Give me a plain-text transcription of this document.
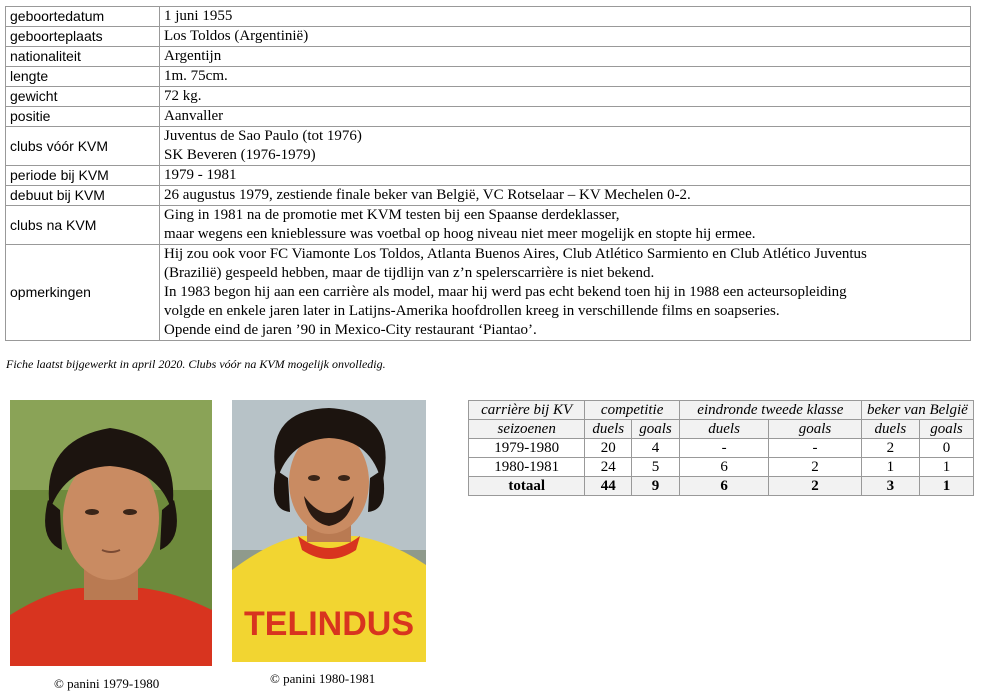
geboortedatum	1 juni 1955

geboorteplaats	Los Toldos (Argentinië)

nationaliteit	Argentijn

lengte	1m. 75cm.

gewicht	72 kg.

positie	Aanvaller

clubs vóór KVM	Juventus de Sao Paulo (tot 1976)
SK Beveren (1976-1979)

periode bij KVM	1979 - 1981

debuut bij KVM	26 augustus 1979, zestiende finale beker van België, VC Rotselaar – KV Mechelen 0-2.

clubs na KVM	Ging in 1981 na de promotie met KVM testen bij een Spaanse derdeklasser,
maar wegens een knieblessure was voetbal op hoog niveau niet meer mogelijk en stopte hij ermee.

opmerkingen	Hij zou ook voor FC Viamonte Los Toldos, Atlanta Buenos Aires, Club Atlético Sarmiento en Club Atlético Juventus
(Brazilië) gespeeld hebben, maar de tijdlijn van z’n spelerscarrière is niet bekend.
In 1983 begon hij aan een carrière als model, maar hij werd pas echt bekend toen hij in 1988 een acteursopleiding
volgde en enkele jaren later in Latijns-Amerika hoofdrollen kreeg in verschillende films en soapseries.
Opende eind de jaren ’90 in Mexico-City restaurant ‘Piantao’.
Fiche laatst bijgewerkt in april 2020. Clubs vóór na KVM mogelijk onvolledig.
TELINDUS
© panini 1979-1980	© panini 1980-1981
carrière bij KV	competitie		eindronde tweede klasse		beker van België	
seizoenen	duels	goals	duels	goals	duels	goals
1979-1980	20	4	-	-	2	0
1980-1981	24	5	6	2	1	1
totaal	44	9	6	2	3	1
